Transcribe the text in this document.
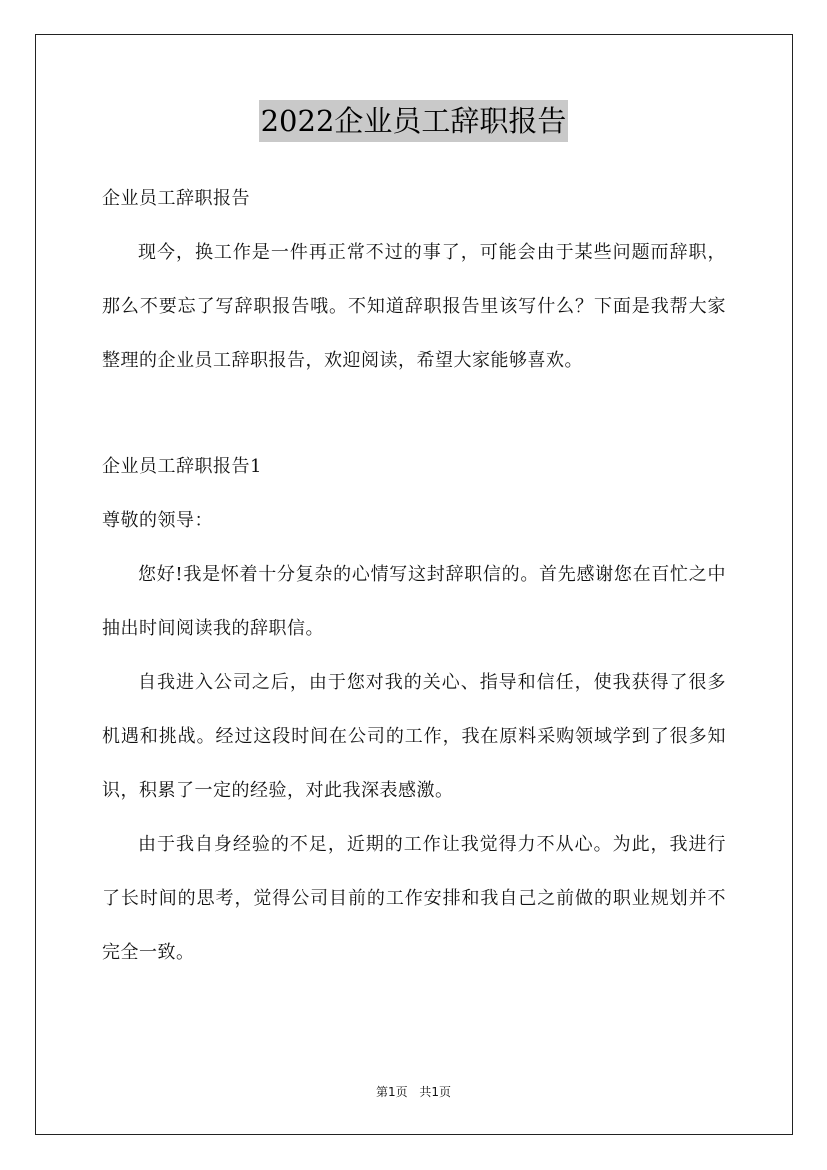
2022企业员工辞职报告

企业员工辞职报告

现今，换工作是一件再正常不过的事了，可能会由于某些问题而辞职，那么不要忘了写辞职报告哦。不知道辞职报告里该写什么？下面是我帮大家整理的企业员工辞职报告，欢迎阅读，希望大家能够喜欢。

企业员工辞职报告1

尊敬的领导：

您好!我是怀着十分复杂的心情写这封辞职信的。首先感谢您在百忙之中抽出时间阅读我的辞职信。

自我进入公司之后，由于您对我的关心、指导和信任，使我获得了很多机遇和挑战。经过这段时间在公司的工作，我在原料采购领域学到了很多知识，积累了一定的经验，对此我深表感激。

由于我自身经验的不足，近期的工作让我觉得力不从心。为此，我进行了长时间的思考，觉得公司目前的工作安排和我自己之前做的职业规划并不完全一致。

第1页 共1页
